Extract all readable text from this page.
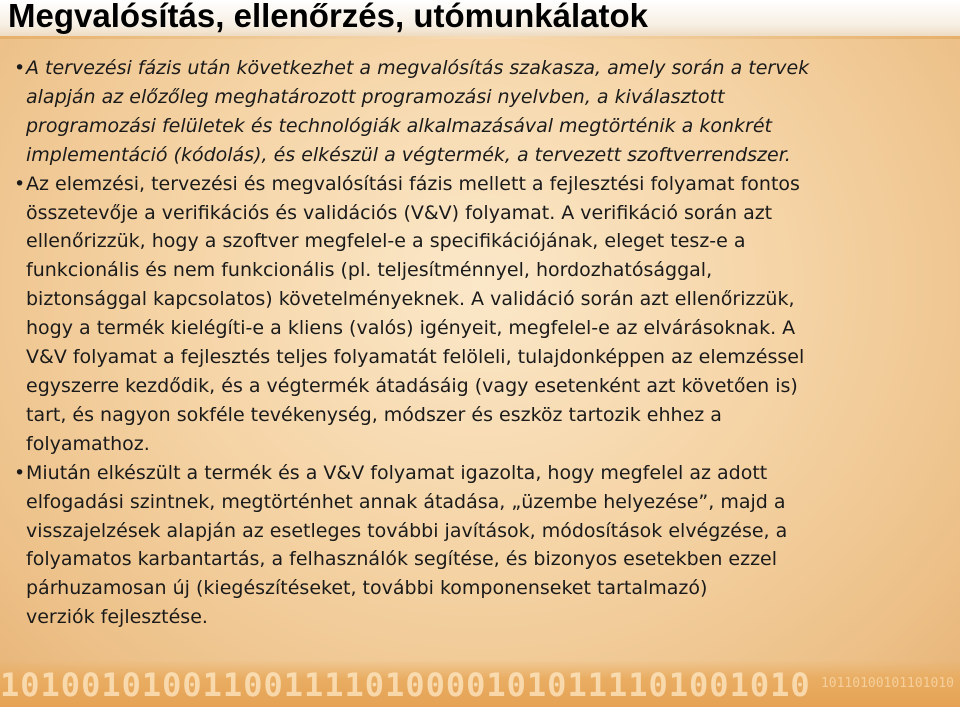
Megvalósítás, ellenőrzés, utómunkálatok
• A tervezési fázis után következhet a megvalósítás szakasza, amely során a tervek
alapján az előzőleg meghatározott programozási nyelvben, a kiválasztott
programozási felületek és technológiák alkalmazásával megtörténik a konkrét
implementáció (kódolás), és elkészül a végtermék, a tervezett szoftverrendszer.
• Az elemzési, tervezési és megvalósítási fázis mellett a fejlesztési folyamat fontos
összetevője a verifikációs és validációs (V&V) folyamat. A verifikáció során azt
ellenőrizzük, hogy a szoftver megfelel-e a specifikációjának, eleget tesz-e a
funkcionális és nem funkcionális (pl. teljesítménnyel, hordozhatósággal,
biztonsággal kapcsolatos) követelményeknek. A validáció során azt ellenőrizzük,
hogy a termék kielégíti-e a kliens (valós) igényeit, megfelel-e az elvárásoknak. A
V&V folyamat a fejlesztés teljes folyamatát felöleli, tulajdonképpen az elemzéssel
egyszerre kezdődik, és a végtermék átadásáig (vagy esetenként azt követően is)
tart, és nagyon sokféle tevékenység, módszer és eszköz tartozik ehhez a
folyamathoz.
• Miután elkészült a termék és a V&V folyamat igazolta, hogy megfelel az adott
elfogadási szintnek, megtörténhet annak átadása, „üzembe helyezése”, majd a
visszajelzések alapján az esetleges további javítások, módosítások elvégzése, a
folyamatos karbantartás, a felhasználók segítése, és bizonyos esetekben ezzel
párhuzamosan új (kiegészítéseket, további komponenseket tartalmazó)
verziók fejlesztése.
1010010100110011110100001010111101001010 10110100101101010
